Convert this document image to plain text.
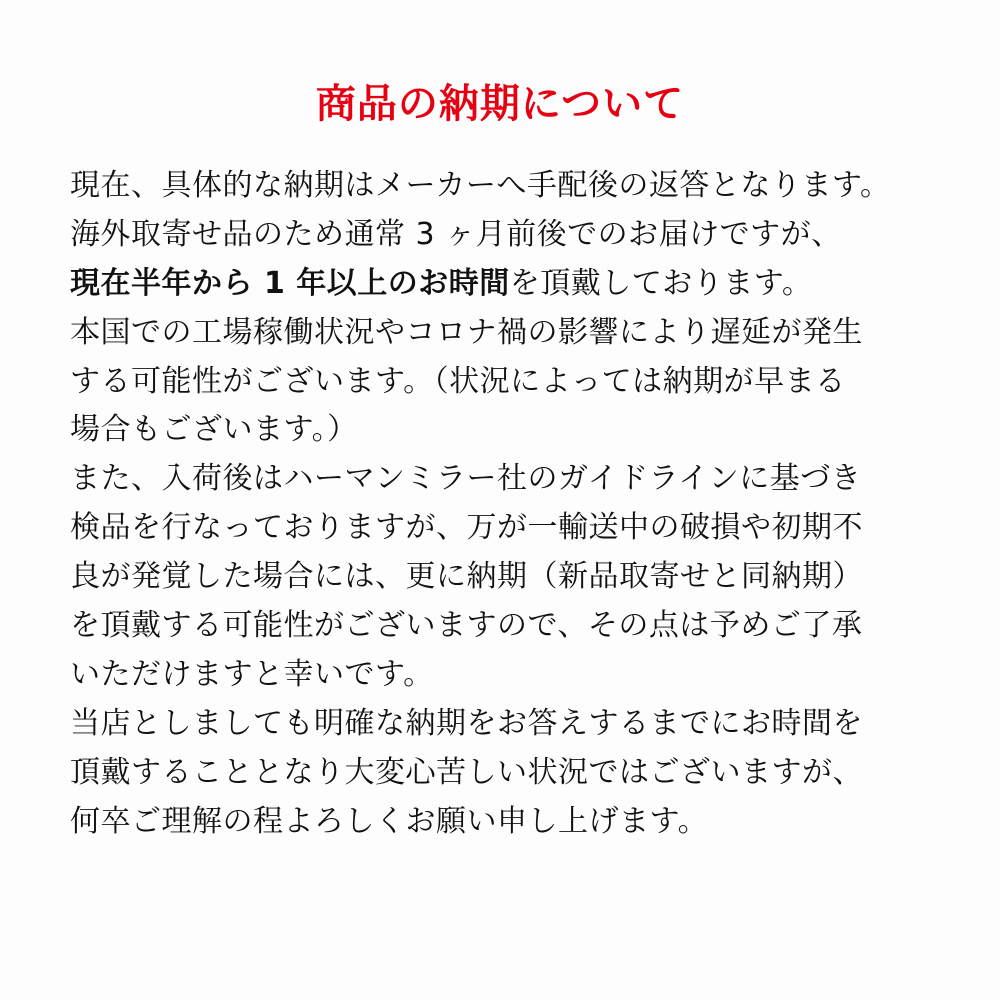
商品の納期について

現在、具体的な納期はメーカーへ手配後の返答となります。
海外取寄せ品のため通常 3 ヶ月前後でのお届けですが、
現在半年から 1 年以上のお時間を頂戴しております。

本国での工場稼働状況やコロナ禍の影響により遅延が発生
する可能性がございます。（状況によっては納期が早まる
場合もございます。）

また、入荷後はハーマンミラー社のガイドラインに基づき
検品を行なっておりますが、万が一輸送中の破損や初期不
良が発覚した場合には、更に納期（新品取寄せと同納期）
を頂戴する可能性がございますので、その点は予めご了承
いただけますと幸いです。

当店としましても明確な納期をお答えするまでにお時間を
頂戴することとなり大変心苦しい状況ではございますが、
何卒ご理解の程よろしくお願い申し上げます。
